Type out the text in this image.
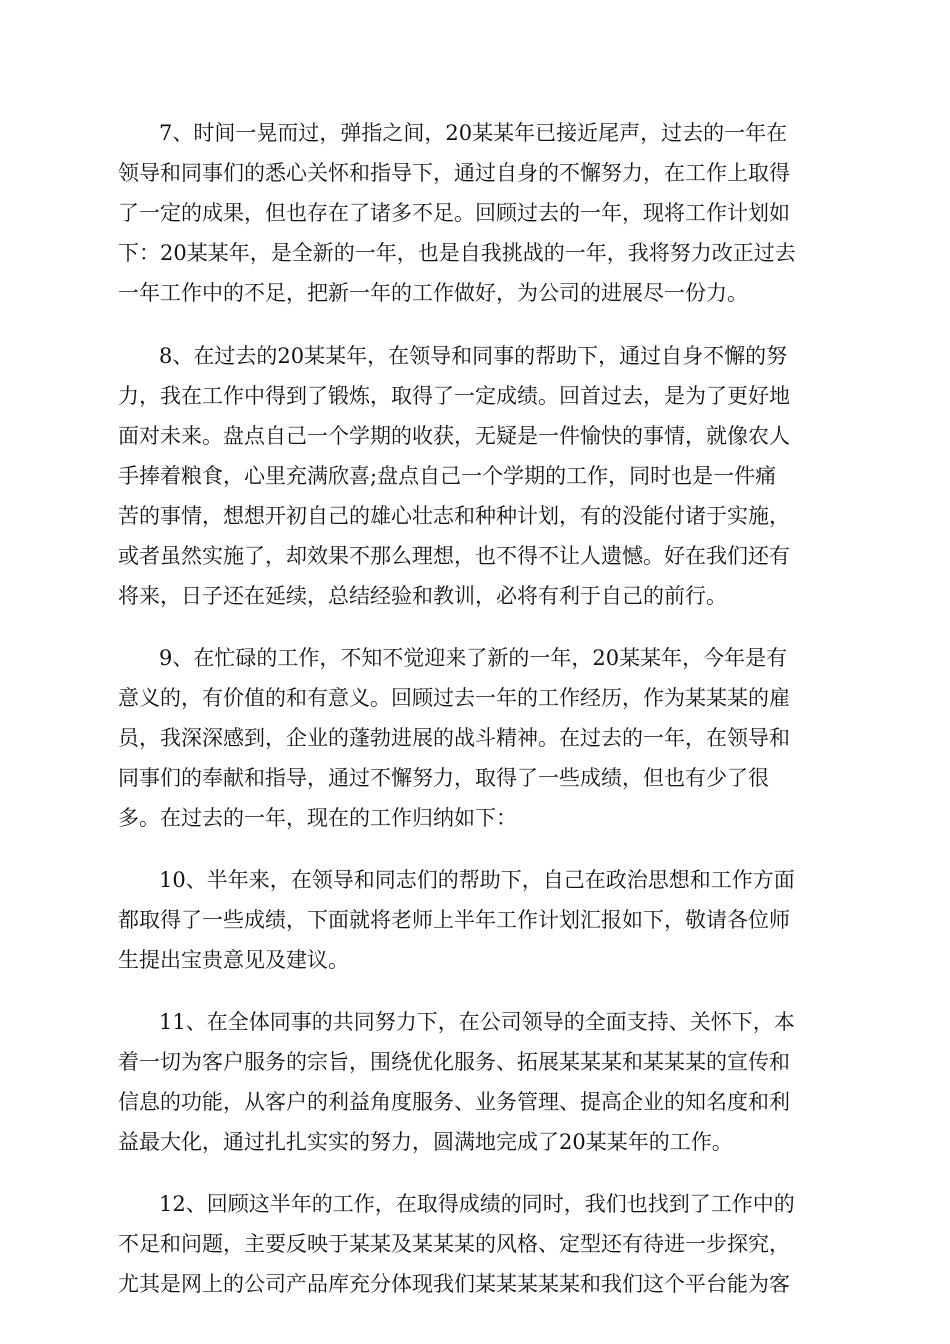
7、时间一晃而过，弹指之间，20某某年已接近尾声，过去的一年在

领导和同事们的悉心关怀和指导下，通过自身的不懈努力，在工作上取得

了一定的成果，但也存在了诸多不足。回顾过去的一年，现将工作计划如

下：20某某年，是全新的一年，也是自我挑战的一年，我将努力改正过去

一年工作中的不足，把新一年的工作做好，为公司的进展尽一份力。

8、在过去的20某某年，在领导和同事的帮助下，通过自身不懈的努

力，我在工作中得到了锻炼，取得了一定成绩。回首过去，是为了更好地

面对未来。盘点自己一个学期的收获，无疑是一件愉快的事情，就像农人

手捧着粮食，心里充满欣喜;盘点自己一个学期的工作，同时也是一件痛

苦的事情，想想开初自己的雄心壮志和种种计划，有的没能付诸于实施，

或者虽然实施了，却效果不那么理想，也不得不让人遗憾。好在我们还有

将来，日子还在延续，总结经验和教训，必将有利于自己的前行。

9、在忙碌的工作，不知不觉迎来了新的一年，20某某年，今年是有

意义的，有价值的和有意义。回顾过去一年的工作经历，作为某某某的雇

员，我深深感到，企业的蓬勃进展的战斗精神。在过去的一年，在领导和

同事们的奉献和指导，通过不懈努力，取得了一些成绩，但也有少了很

多。在过去的一年，现在的工作归纳如下：

10、半年来，在领导和同志们的帮助下，自己在政治思想和工作方面

都取得了一些成绩，下面就将老师上半年工作计划汇报如下，敬请各位师

生提出宝贵意见及建议。

11、在全体同事的共同努力下，在公司领导的全面支持、关怀下，本

着一切为客户服务的宗旨，围绕优化服务、拓展某某某和某某某的宣传和

信息的功能，从客户的利益角度服务、业务管理、提高企业的知名度和利

益最大化，通过扎扎实实的努力，圆满地完成了20某某年的工作。

12、回顾这半年的工作，在取得成绩的同时，我们也找到了工作中的

不足和问题，主要反映于某某及某某某的风格、定型还有待进一步探究，

尤其是网上的公司产品库充分体现我们某某某某某和我们这个平台能为客
